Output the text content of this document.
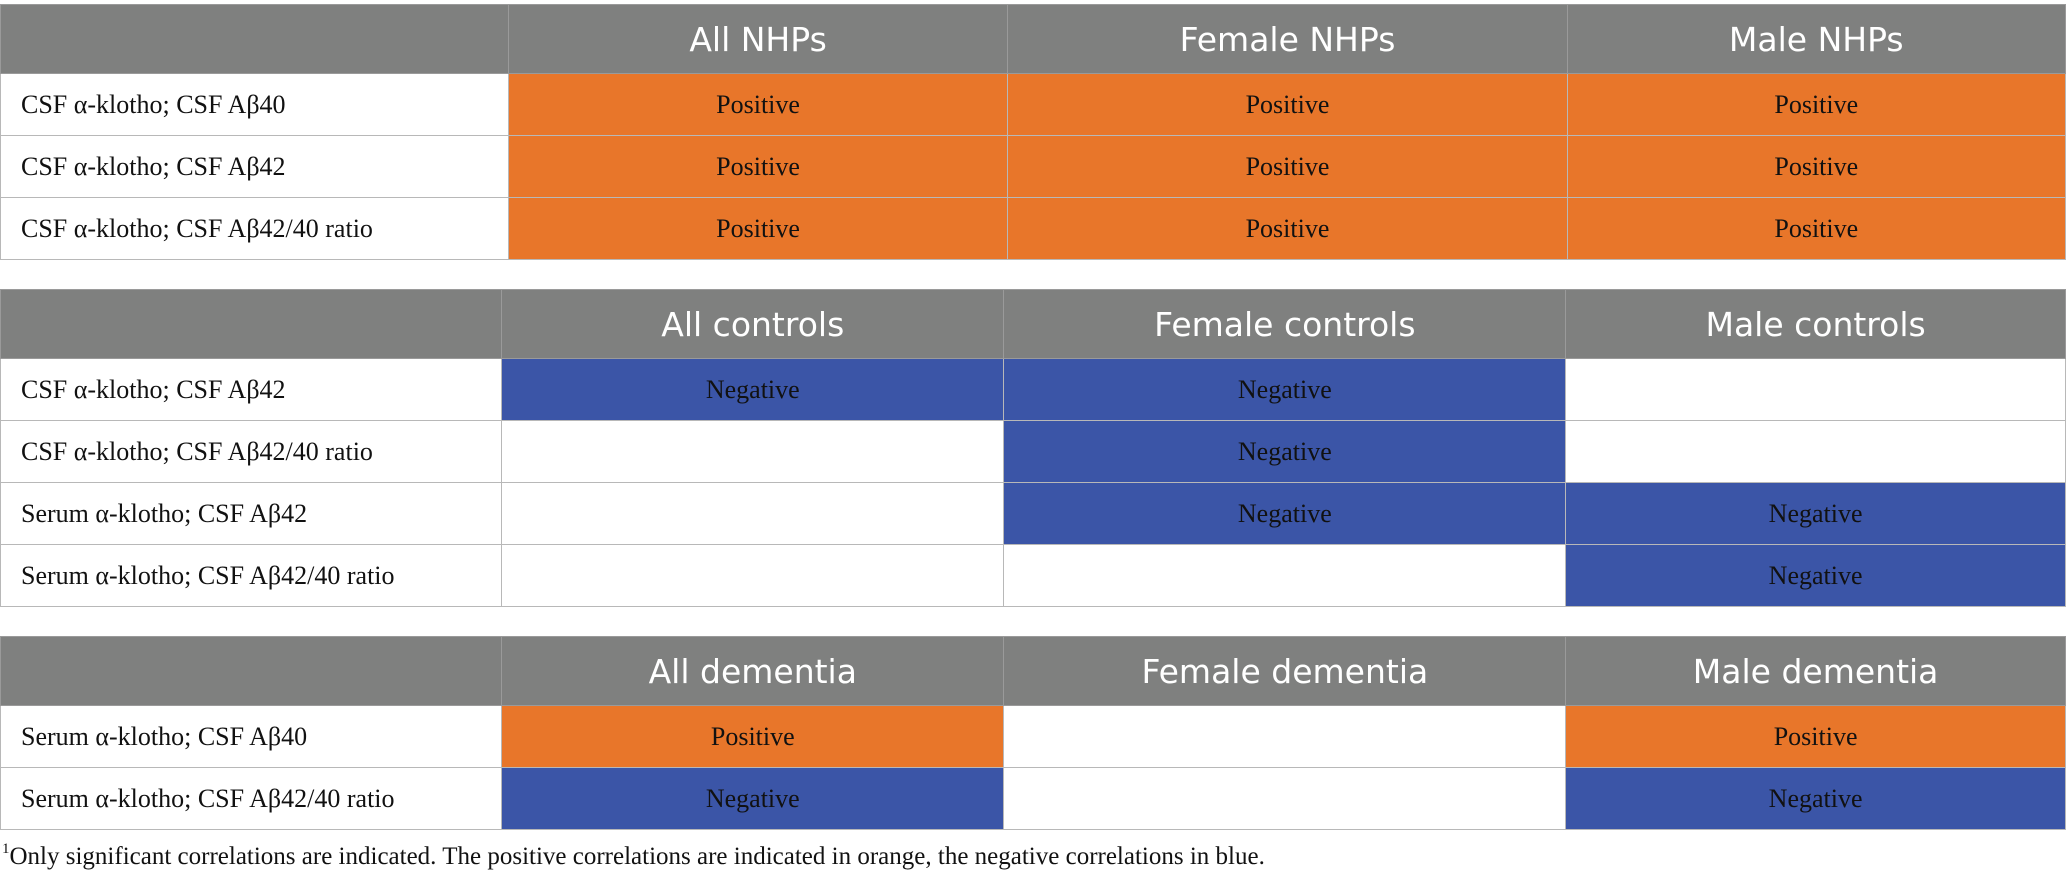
	All NHPs	Female NHPs	Male NHPs
CSF α-klotho; CSF Aβ40	Positive	Positive	Positive
CSF α-klotho; CSF Aβ42	Positive	Positive	Positive
CSF α-klotho; CSF Aβ42/40 ratio	Positive	Positive	Positive
	All controls	Female controls	Male controls
CSF α-klotho; CSF Aβ42	Negative	Negative	
CSF α-klotho; CSF Aβ42/40 ratio		Negative	
Serum α-klotho; CSF Aβ42		Negative	Negative
Serum α-klotho; CSF Aβ42/40 ratio			Negative
	All dementia	Female dementia	Male dementia
Serum α-klotho; CSF Aβ40	Positive		Positive
Serum α-klotho; CSF Aβ42/40 ratio	Negative		Negative
$^1$Only significant correlations are indicated. The positive correlations are indicated in orange, the negative correlations in blue.
